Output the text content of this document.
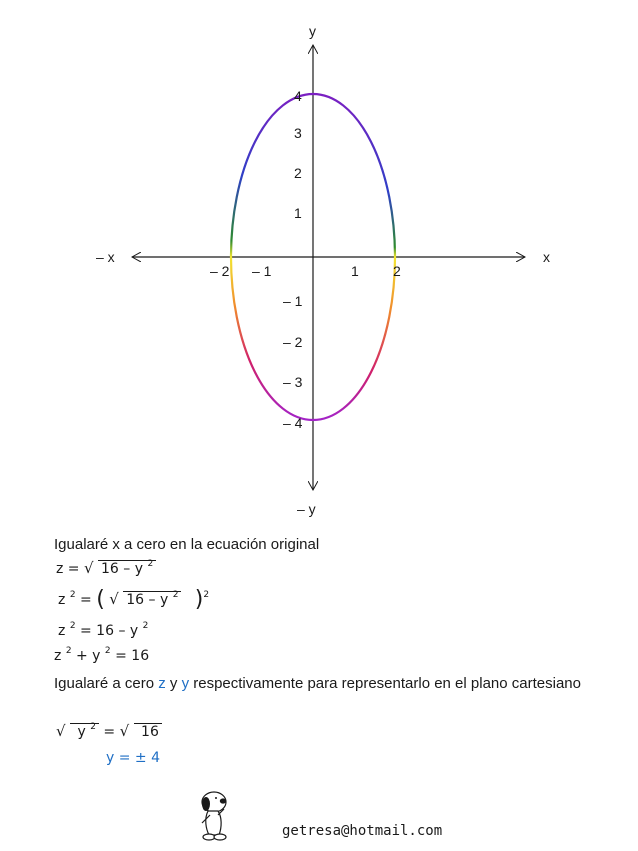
y
– y
x
– x
– 2 – 1	1 2
1
2
3
4
– 1
– 2
– 3
– 4
Igualaré x a cero en la ecuación original
z = √ 16 – y $^2$
z $^2$ = ( √ 16 – y $^2$ )$^2$
z $^2$ = 16 – y $^2$
z $^2$ + y $^2$ = 16
Igualaré a cero z y y respectivamente para representarlo en el plano cartesiano
√ y $^2$ = √ 16
y = ± 4
getresa@hotmail.com
